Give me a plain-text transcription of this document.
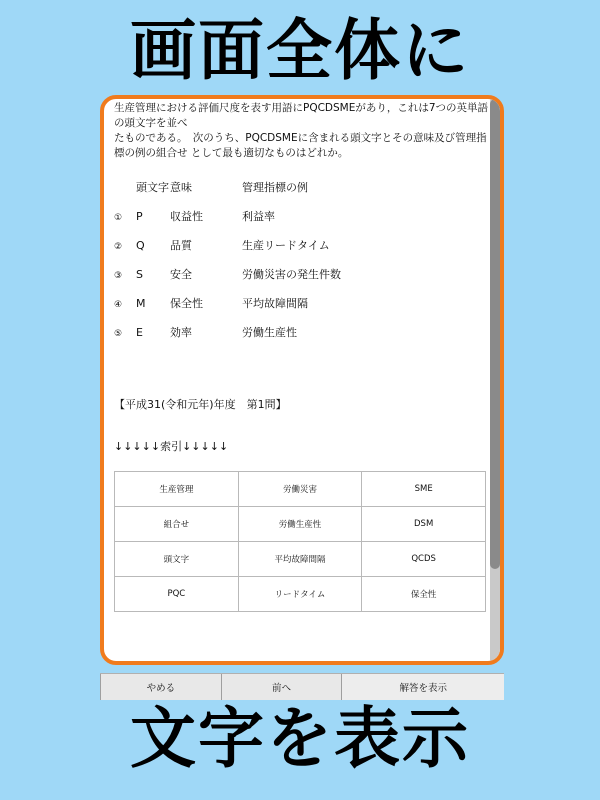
画面全体に
生産管理における評価尺度を表す用語にPQCDSMEがあり，これは7つの英単語の頭文字を並べ
たものである。　次のうち、PQCDSMEに含まれる頭文字とその意味及び管理指標の例の組合せ として最も適切なものはどれか。
頭文字意味	管理指標の例
①	P	収益性	利益率
②	Q	品質	生産リードタイム
③	S	安全	労働災害の発生件数
④	M	保全性	平均故障間隔
⑤	E	効率	労働生産性
【平成31(令和元年)年度　第1問】
↓↓↓↓↓索引↓↓↓↓↓
生産管理	労働災害	SME
組合せ	労働生産性	DSM
頭文字	平均故障間隔	QCDS
PQC	リードタイム	保全性
やめる	前へ	解答を表示
文字を表示
